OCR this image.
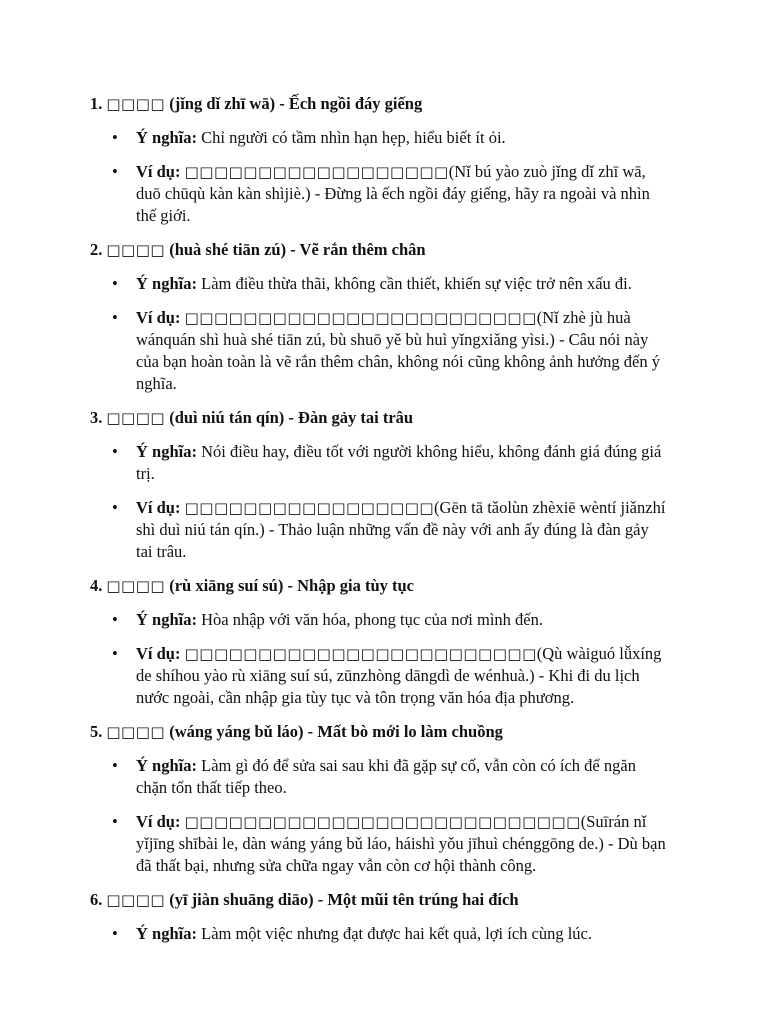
1. □□□□ (jǐng dǐ zhī wā) - Ếch ngồi đáy giếng

• Ý nghĩa: Chỉ người có tầm nhìn hạn hẹp, hiểu biết ít ỏi.
• Ví dụ: □□□□□□□□□□□□□□□□□□(Nǐ bú yào zuò jǐng dǐ zhī wā, duō chūqù kàn kàn shìjiè.) - Đừng là ếch ngồi đáy giếng, hãy ra ngoài và nhìn thế giới.

2. □□□□ (huà shé tiān zú) - Vẽ rắn thêm chân

• Ý nghĩa: Làm điều thừa thãi, không cần thiết, khiến sự việc trở nên xấu đi.
• Ví dụ: □□□□□□□□□□□□□□□□□□□□□□□□(Nǐ zhè jù huà wánquán shì huà shé tiān zú, bù shuō yě bù huì yǐngxiǎng yìsi.) - Câu nói này của bạn hoàn toàn là vẽ rắn thêm chân, không nói cũng không ảnh hưởng đến ý nghĩa.

3. □□□□ (duì niú tán qín) - Đàn gảy tai trâu

• Ý nghĩa: Nói điều hay, điều tốt với người không hiểu, không đánh giá đúng giá trị.
• Ví dụ: □□□□□□□□□□□□□□□□□(Gēn tā tǎolùn zhèxiē wèntí jiǎnzhí shì duì niú tán qín.) - Thảo luận những vấn đề này với anh ấy đúng là đàn gảy tai trâu.

4. □□□□ (rù xiāng suí sú) - Nhập gia tùy tục

• Ý nghĩa: Hòa nhập với văn hóa, phong tục của nơi mình đến.
• Ví dụ: □□□□□□□□□□□□□□□□□□□□□□□□(Qù wàiguó lǚxíng de shíhou yào rù xiāng suí sú, zūnzhòng dāngdì de wénhuà.) - Khi đi du lịch nước ngoài, cần nhập gia tùy tục và tôn trọng văn hóa địa phương.

5. □□□□ (wáng yáng bǔ láo) - Mất bò mới lo làm chuồng

• Ý nghĩa: Làm gì đó để sửa sai sau khi đã gặp sự cố, vẫn còn có ích để ngăn chặn tổn thất tiếp theo.
• Ví dụ: □□□□□□□□□□□□□□□□□□□□□□□□□□□(Suīrán nǐ yǐjīng shībài le, dàn wáng yáng bǔ láo, háishì yǒu jīhuì chénggōng de.) - Dù bạn đã thất bại, nhưng sửa chữa ngay vẫn còn cơ hội thành công.

6. □□□□ (yī jiàn shuāng diāo) - Một mũi tên trúng hai đích

• Ý nghĩa: Làm một việc nhưng đạt được hai kết quả, lợi ích cùng lúc.
